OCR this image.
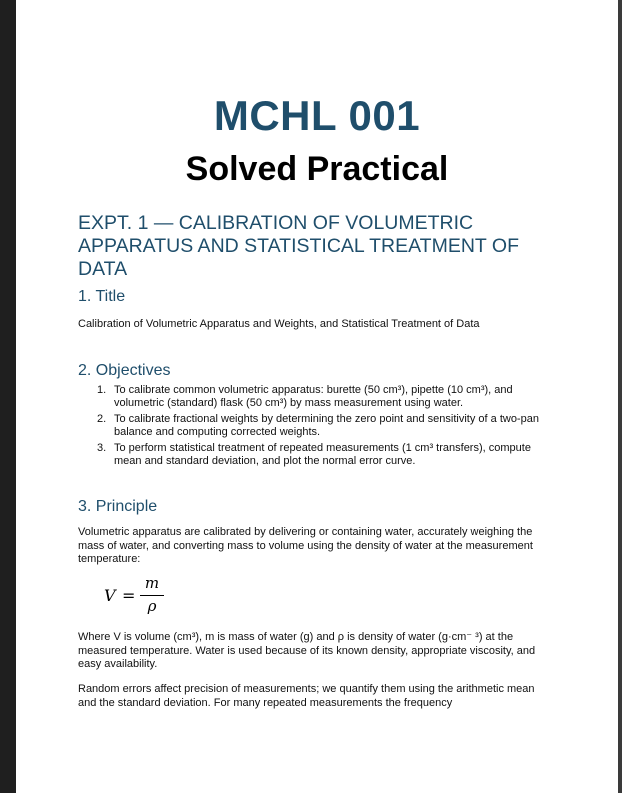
MCHL 001
Solved Practical
EXPT. 1 — CALIBRATION OF VOLUMETRIC APPARATUS AND STATISTICAL TREATMENT OF DATA
1. Title
Calibration of Volumetric Apparatus and Weights, and Statistical Treatment of Data
2. Objectives
1. To calibrate common volumetric apparatus: burette (50 cm³), pipette (10 cm³), and volumetric (standard) flask (50 cm³) by mass measurement using water.
2. To calibrate fractional weights by determining the zero point and sensitivity of a two-pan balance and computing corrected weights.
3. To perform statistical treatment of repeated measurements (1 cm³ transfers), compute mean and standard deviation, and plot the normal error curve.
3. Principle
Volumetric apparatus are calibrated by delivering or containing water, accurately weighing the mass of water, and converting mass to volume using the density of water at the measurement temperature:
V =
m
ρ
Where V is volume (cm³), m is mass of water (g) and ρ is density of water (g·cm⁻ ³) at the measured temperature. Water is used because of its known density, appropriate viscosity, and easy availability.
Random errors affect precision of measurements; we quantify them using the arithmetic mean and the standard deviation. For many repeated measurements the frequency
